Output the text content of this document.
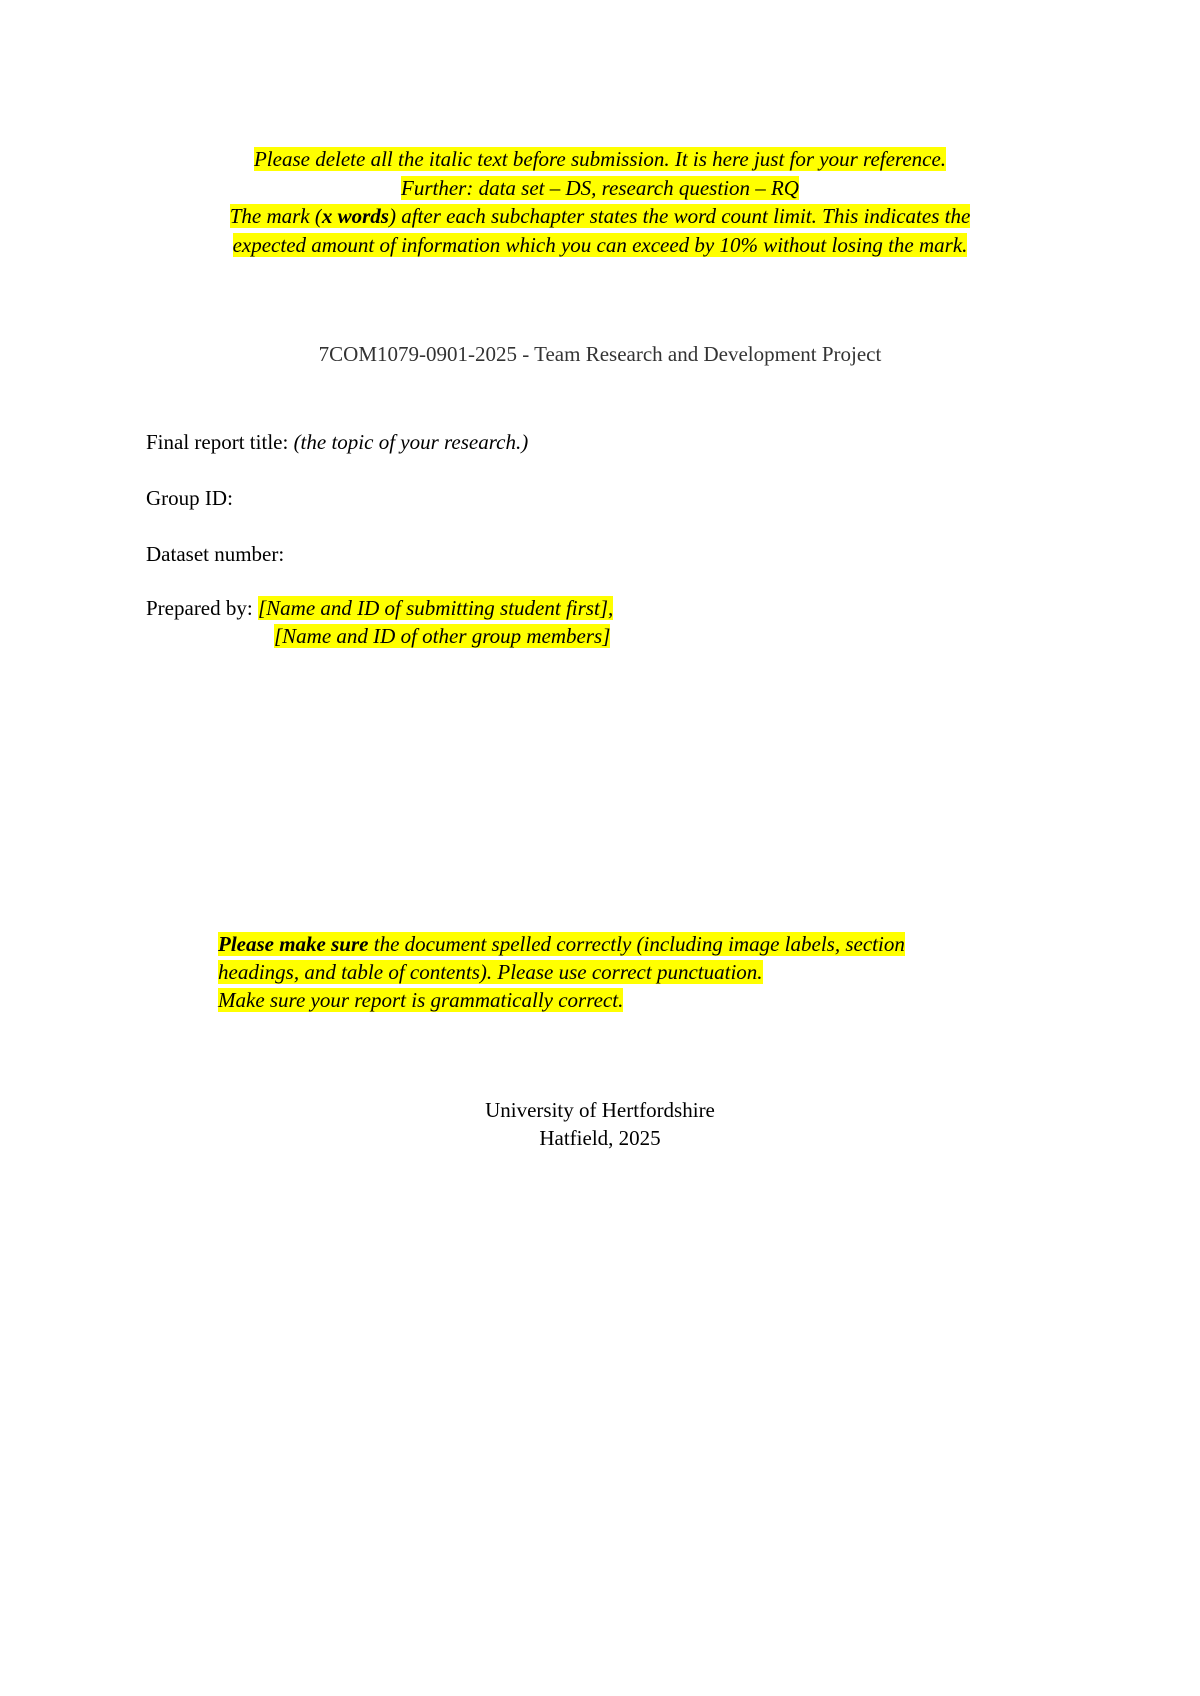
Please delete all the italic text before submission. It is here just for your reference.
Further: data set – DS, research question – RQ
The mark (x words) after each subchapter states the word count limit. This indicates the
expected amount of information which you can exceed by 10% without losing the mark.
7COM1079-0901-2025 - Team Research and Development Project
Final report title: (the topic of your research.)
Group ID:
Dataset number:
Prepared by: [Name and ID of submitting student first],
[Name and ID of other group members]
Please make sure the document spelled correctly (including image labels, section
headings, and table of contents). Please use correct punctuation.
Make sure your report is grammatically correct.
University of Hertfordshire
Hatfield, 2025
